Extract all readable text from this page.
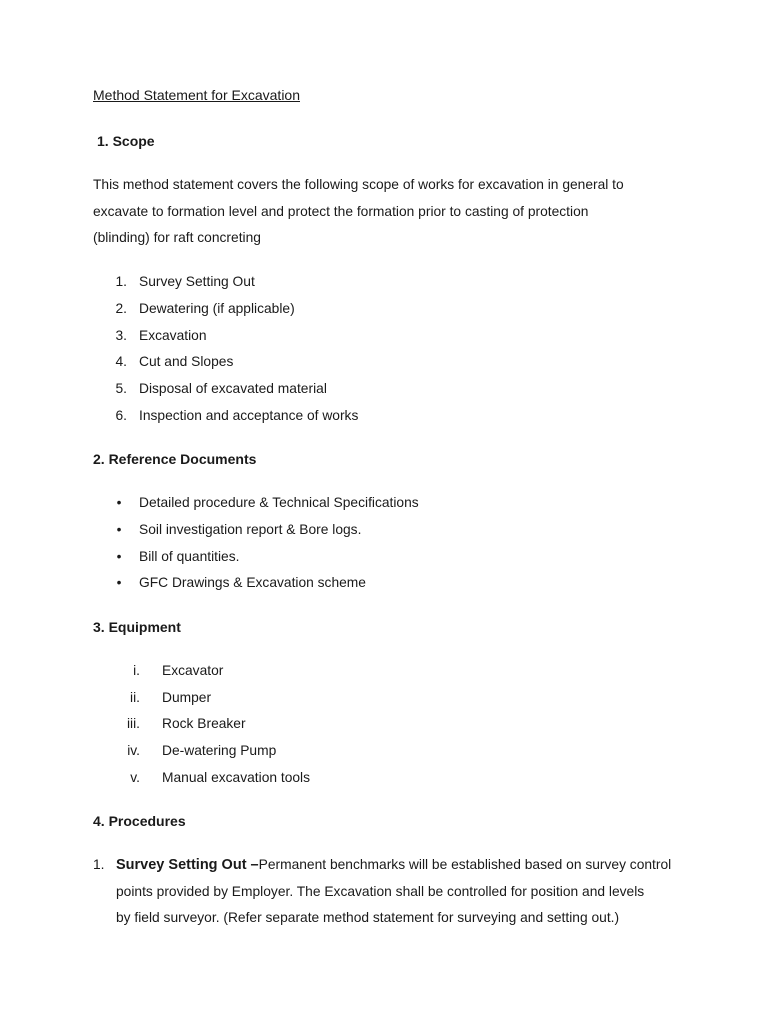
Method Statement for Excavation
1. Scope
This method statement covers the following scope of works for excavation in general to
excavate to formation level and protect the formation prior to casting of protection
(blinding) for raft concreting
1. Survey Setting Out
2. Dewatering (if applicable)
3. Excavation
4. Cut and Slopes
5. Disposal of excavated material
6. Inspection and acceptance of works
2. Reference Documents
• Detailed procedure & Technical Specifications
• Soil investigation report & Bore logs.
• Bill of quantities.
• GFC Drawings & Excavation scheme
3. Equipment
i. Excavator
ii. Dumper
iii. Rock Breaker
iv. De-watering Pump
v. Manual excavation tools
4. Procedures
1. Survey Setting Out –Permanent benchmarks will be established based on survey control
points provided by Employer. The Excavation shall be controlled for position and levels
by field surveyor. (Refer separate method statement for surveying and setting out.)
